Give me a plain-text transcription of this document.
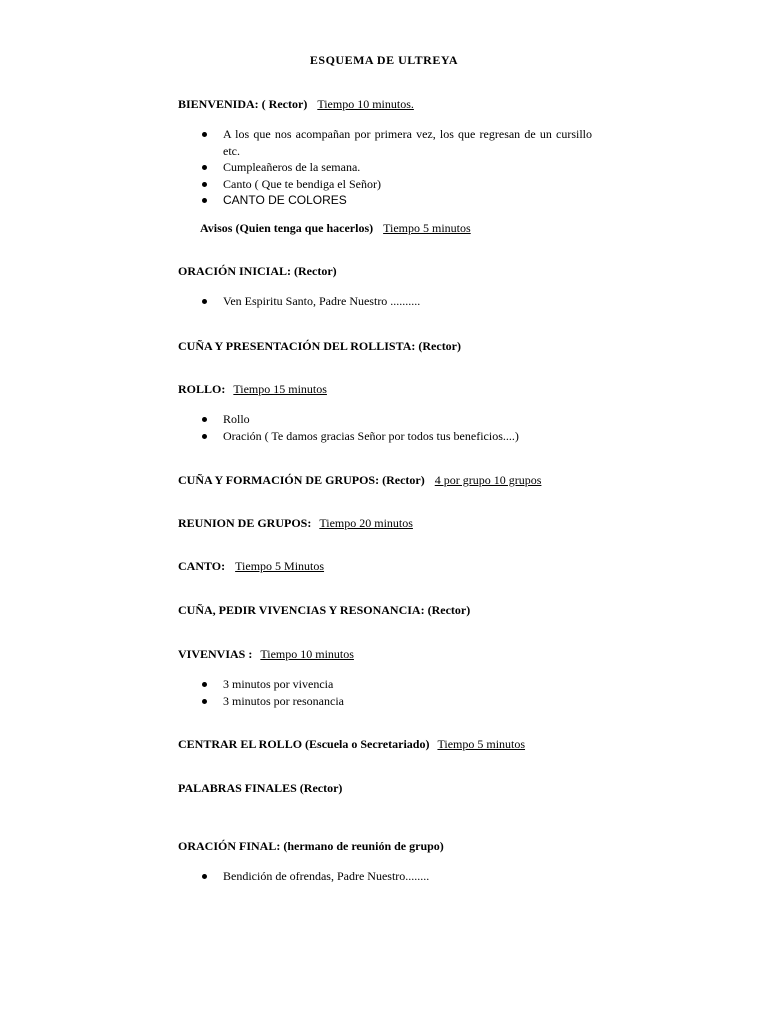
ESQUEMA DE ULTREYA
BIENVENIDA: ( Rector) Tiempo 10 minutos.
A los que nos acompañan por primera vez, los que regresan de un cursillo etc.
Cumpleañeros de la semana.
Canto ( Que te bendiga el Señor)
CANTO DE COLORES
Avisos (Quien tenga que hacerlos) Tiempo 5 minutos
ORACIÓN INICIAL: (Rector)
Ven Espiritu Santo, Padre Nuestro ..........
CUÑA Y PRESENTACIÓN DEL ROLLISTA: (Rector)
ROLLO: Tiempo 15 minutos
Rollo
Oración ( Te damos gracias Señor por todos tus beneficios....)
CUÑA Y FORMACIÓN DE GRUPOS: (Rector) 4 por grupo 10 grupos
REUNION DE GRUPOS: Tiempo 20 minutos
CANTO: Tiempo 5 Minutos
CUÑA, PEDIR VIVENCIAS Y RESONANCIA: (Rector)
VIVENVIAS : Tiempo 10 minutos
3 minutos por vivencia
3 minutos por resonancia
CENTRAR EL ROLLO (Escuela o Secretariado) Tiempo 5 minutos
PALABRAS FINALES (Rector)
ORACIÓN FINAL: (hermano de reunión de grupo)
Bendición de ofrendas, Padre Nuestro........
